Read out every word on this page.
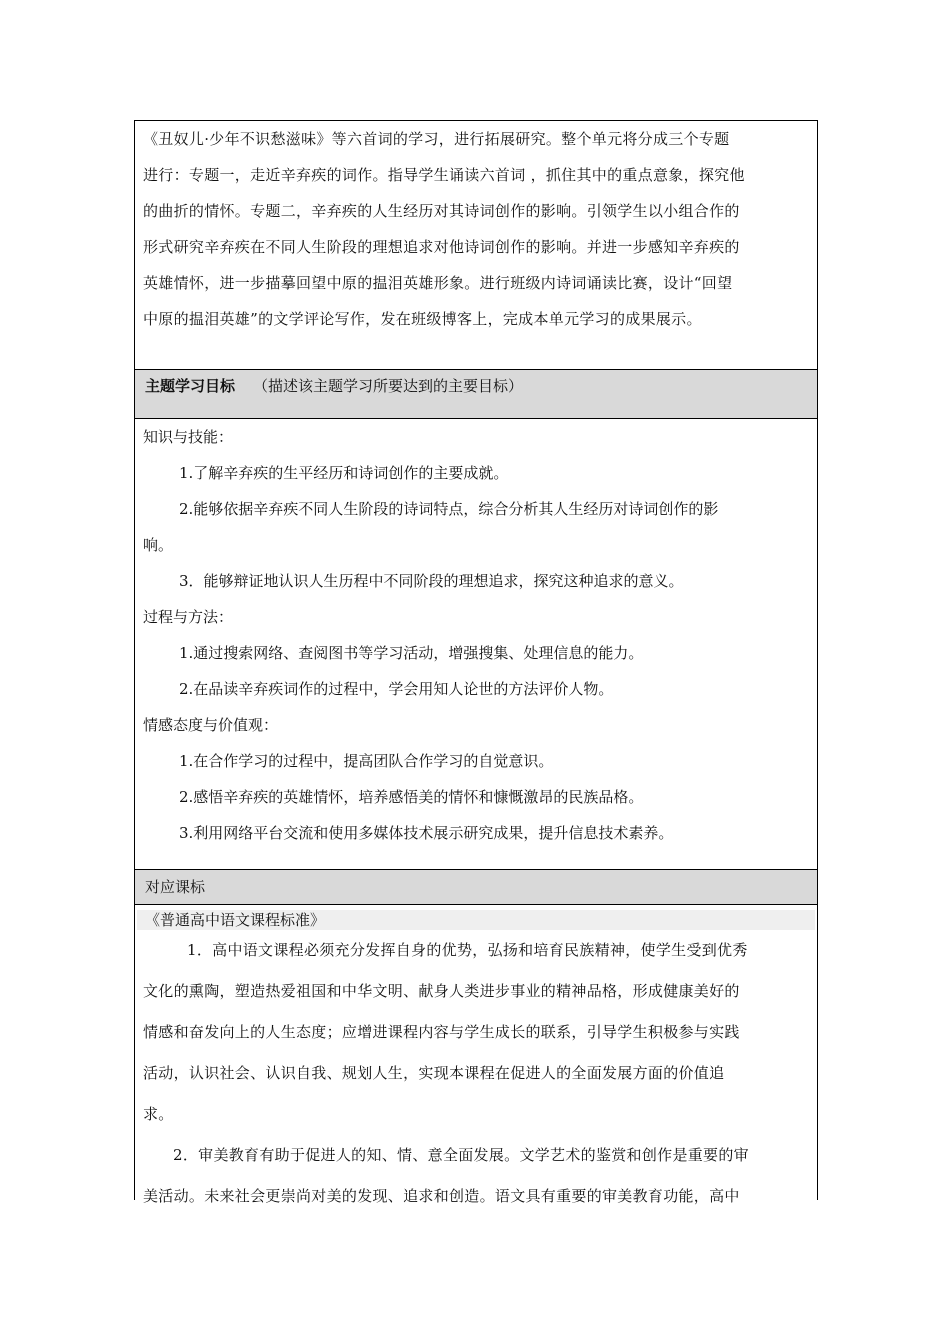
《丑奴儿·少年不识愁滋味》等六首词的学习，进行拓展研究。整个单元将分成三个专题

进行：专题一，走近辛弃疾的词作。指导学生诵读六首词 ，抓住其中的重点意象，探究他

的曲折的情怀。专题二，辛弃疾的人生经历对其诗词创作的影响。引领学生以小组合作的

形式研究辛弃疾在不同人生阶段的理想追求对他诗词创作的影响。并进一步感知辛弃疾的

英雄情怀，进一步描摹回望中原的揾泪英雄形象。进行班级内诗词诵读比赛，设计“回望

中原的揾泪英雄”的文学评论写作，发在班级博客上，完成本单元学习的成果展示。

主题学习目标 （描述该主题学习所要达到的主要目标）

知识与技能：

1.了解辛弃疾的生平经历和诗词创作的主要成就。

2.能够依据辛弃疾不同人生阶段的诗词特点，综合分析其人生经历对诗词创作的影

响。

3．能够辩证地认识人生历程中不同阶段的理想追求，探究这种追求的意义。

过程与方法：

1.通过搜索网络、查阅图书等学习活动，增强搜集、处理信息的能力。

2.在品读辛弃疾词作的过程中，学会用知人论世的方法评价人物。

情感态度与价值观：

1.在合作学习的过程中，提高团队合作学习的自觉意识。

2.感悟辛弃疾的英雄情怀，培养感悟美的情怀和慷慨激昂的民族品格。

3.利用网络平台交流和使用多媒体技术展示研究成果，提升信息技术素养。

对应课标
《普通高中语文课程标准》

1．高中语文课程必须充分发挥自身的优势，弘扬和培育民族精神，使学生受到优秀

文化的熏陶，塑造热爱祖国和中华文明、献身人类进步事业的精神品格，形成健康美好的

情感和奋发向上的人生态度；应增进课程内容与学生成长的联系，引导学生积极参与实践

活动，认识社会、认识自我、规划人生，实现本课程在促进人的全面发展方面的价值追

求。

2．审美教育有助于促进人的知、情、意全面发展。文学艺术的鉴赏和创作是重要的审

美活动。未来社会更崇尚对美的发现、追求和创造。语文具有重要的审美教育功能，高中
